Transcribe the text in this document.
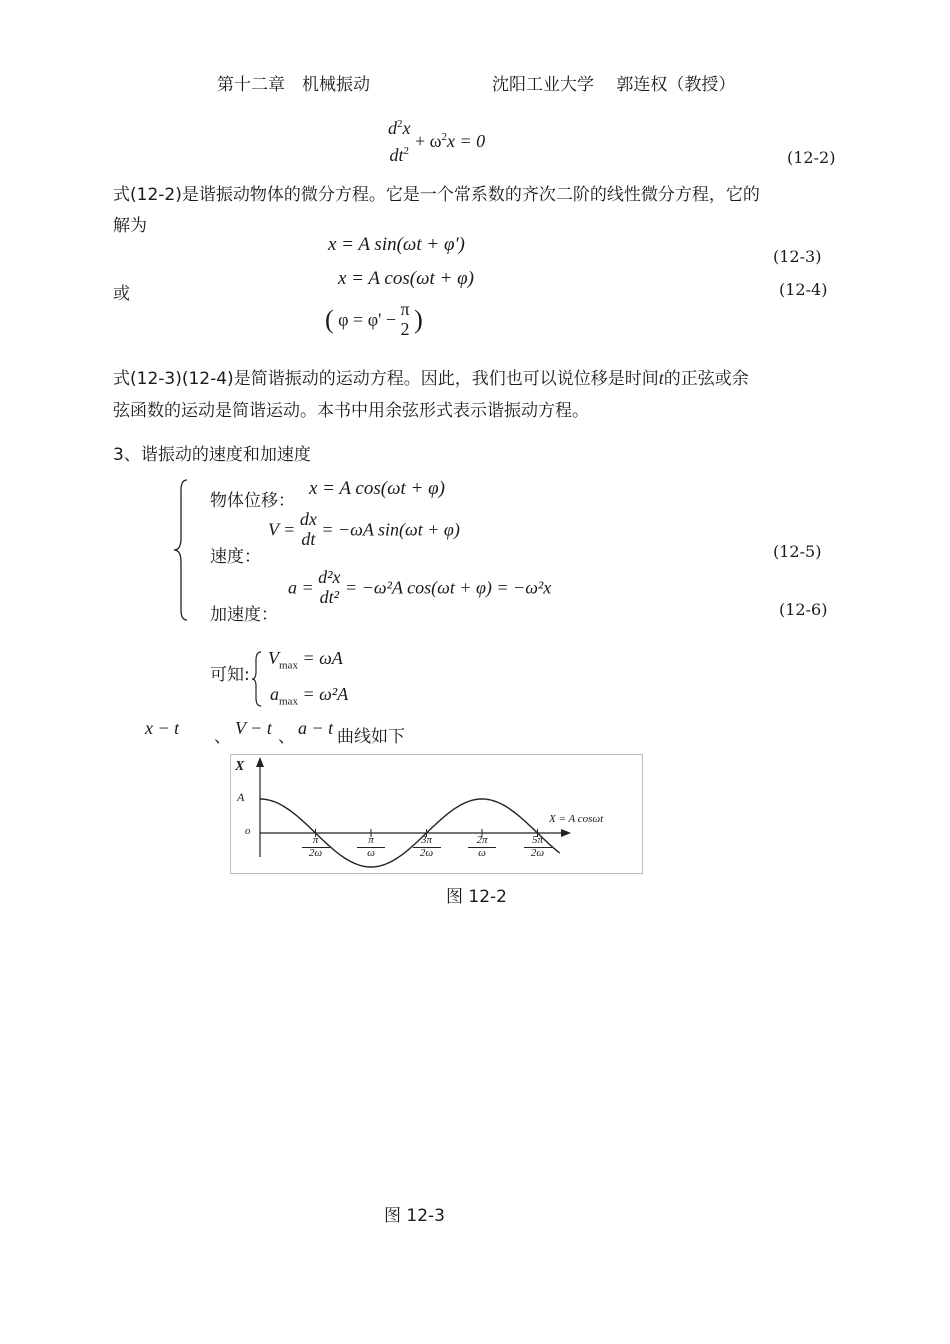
第十二章　机械振动	沈阳工业大学　 郭连权（教授）
$d^2x$
$dt^2 + \omega^2x = 0$
(12-2)
式(12-2)是谐振动物体的微分方程。它是一个常系数的齐次二阶的线性微分方程，它的
解为
x = A sin(ωt + φ')
(12-3)
或
x = A cos(ωt + φ)
(12-4)
( φ = φ' −
π
2 )
式(12-3)(12-4)是简谐振动的运动方程。因此，我们也可以说位移是时间t的正弦或余
弦函数的运动是简谐运动。本书中用余弦形式表示谐振动方程。
3、谐振动的速度和加速度
物体位移：
x = A cos(ωt + φ)
V =
dx
dt = −ωA sin(ωt + φ)
速度：	(12-5)
a =
d²x
dt² = −ω²A cos(ωt + φ) = −ω²x
加速度：	(12-6)
可知:
$V_{max} = \omega A$
$a_{max} = \omega^2A$
x − t 、 V − t 、 a − t 曲线如下
X
A
o
X = A cosωt
$\frac{\pi}{2\omega}$	$\frac{\pi}{\omega}$	$\frac{3\pi}{2\omega}$	$\frac{2\pi}{\omega}$	$\frac{5\pi}{2\omega}$
图 12-2
图 12-3
